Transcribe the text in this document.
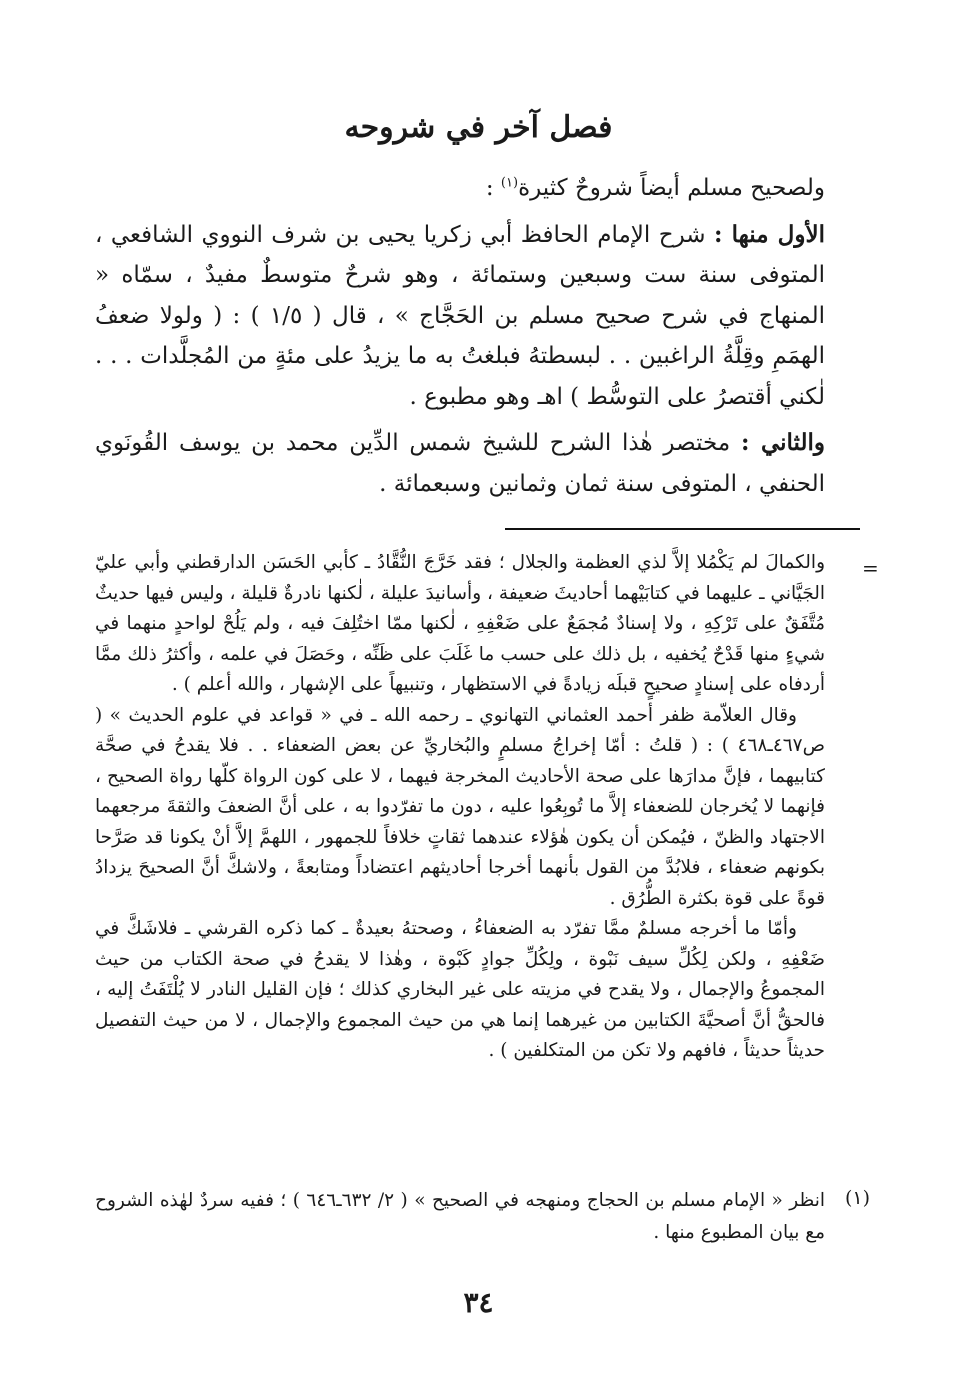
فصل آخر في شروحه

ولصحيح مسلم أيضاً شروحٌ كثيرة$^{(١)}$ :

الأول منها : شرح الإمام الحافظ أبي زكريا يحيى بن شرف النووي الشافعي ، المتوفى سنة ست وسبعين وستمائة ، وهو شرحٌ متوسطٌ مفيدٌ ، سمّاه « المنهاج في شرح صحيح مسلم بن الحَجَّاج » ، قال ( ١/٥ ) : ( ولولا ضعفُ الهمَمِ وقِلَّةُ الراغبين . . لبسطتهُ فبلغتُ به ما يزيدُ على مئةٍ من المُجلَّدات . . . لٰكني أقتصرُ على التوسُّط ) اهـ وهو مطبوع .

والثاني : مختصر هٰذا الشرح للشيخ شمس الدِّين محمد بن يوسف القُونَوي الحنفي ، المتوفى سنة ثمان وثمانين وسبعمائة .

=

والكمالَ لم يَكْمُلا إلاَّ لذي العظمة والجلال ؛ فقد خَرَّجَ النُّقَّادُ ـ كأبي الحَسَن الدارقطني وأبي عليّ الجَيَّاني ـ عليهما في كتابَيْهما أحاديثَ ضعيفة ، وأسانيدَ عليلة ، لٰكنها نادرةٌ قليلة ، وليس فيها حديثٌ مُتَّفَقٌ على تَرْكِهِ ، ولا إسنادٌ مُجمَعٌ على ضَعْفِهِ ، لٰكنها ممّا اختُلِفَ فيه ، ولم يَلُحْ لواحدٍ منهما في شيءٍ منها قَدْحٌ يُخفيه ، بل ذلك على حسب ما غَلَبَ على ظَنِّه ، وحَصَلَ في علمه ، وأكثرُ ذلك ممَّا أردفاه على إسنادٍ صحيحٍ قبلَه زيادةً في الاستظهار ، وتنبيهاً على الإشهار ، والله أعلم ) .

وقال العلاّمة ظفر أحمد العثماني التهانوي ـ رحمه الله ـ في « قواعد في علوم الحديث » ( ص٤٦٧ـ٤٦٨ ) : ( قلتُ : أمّا إخراجُ مسلمٍ والبُخاريِّ عن بعض الضعفاء . . فلا يقدحُ في صحَّة كتابيهما ، فإنَّ مدارَها على صحة الأحاديث المخرجة فيهما ، لا على كون الرواة كلّها رواة الصحيح ، فإنهما لا يُخرجان للضعفاء إلاَّ ما تُوبِعُوا عليه ، دون ما تفرّدوا به ، على أنَّ الضعفَ والثقةَ مرجعهما الاجتهاد والظنّ ، فيُمكن أن يكون هٰؤلاء عندهما ثقاتٍ خلافاً للجمهور ، اللهمَّ إلاَّ أنْ يكونا قد صَرَّحا بكونهم ضعفاء ، فلابُدَّ من القول بأنهما أخرجا أحاديثهم اعتضاداً ومتابعةً ، ولاشكَّ أنَّ الصحيحَ يزدادُ قوةً على قوة بكثرة الطُّرُق .

وأمّا ما أخرجه مسلمٌ ممَّا تفرّد به الضعفاءُ ، وصحتهُ بعيدةٌ ـ كما ذكره القرشي ـ فلاشَكَّ في ضَعْفِهِ ، ولكن لِكُلِّ سيف نَبْوة ، ولِكُلِّ جوادٍ كَبْوة ، وهٰذا لا يقدحُ في صحة الكتاب من حيث المجموعُ والإجمال ، ولا يقدح في مزيته على غير البخاري كذلك ؛ فإن القليل النادر لا يُلْتَفَتُ إليه ، فالحقُّ أنَّ أصحيَّةَ الكتابين من غيرهما إنما هي من حيث المجموع والإجمال ، لا من حيث التفصيل حديثاً حديثاً ، فافهم ولا تكن من المتكلفين ) .

(١)
انظر « الإمام مسلم بن الحجاج ومنهجه في الصحيح » ( ٢/ ٦٣٢ـ٦٤٦ ) ؛ ففيه سردٌ لهٰذه الشروح مع بيان المطبوع منها .
٣٤
